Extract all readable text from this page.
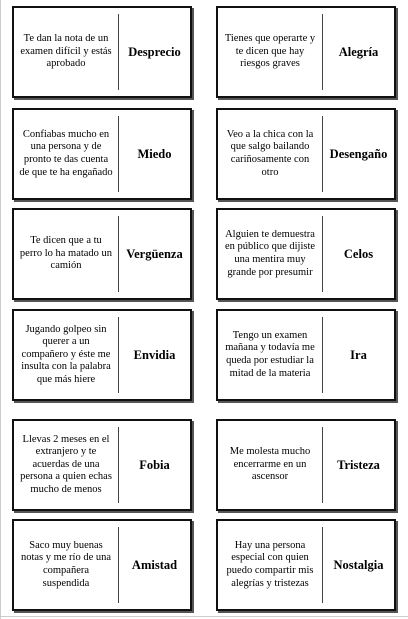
Te dan la nota de un examen difícil y estás aprobado
Desprecio
Tienes que operarte y te dicen que hay riesgos graves
Alegría
Confiabas mucho en una persona y de pronto te das cuenta de que te ha engañado
Miedo
Veo a la chica con la que salgo bailando cariñosamente con otro
Desengaño
Te dicen que a tu perro lo ha matado un camión
Vergüenza
Alguien te demuestra en público que dijiste una mentira muy grande por presumir
Celos
Jugando golpeo sin querer a un compañero y éste me insulta con la palabra que más hiere
Envidia
Tengo un examen mañana y todavía me queda por estudiar la mitad de la materia
Ira
Llevas 2 meses en el extranjero y te acuerdas de una persona a quien echas mucho de menos
Fobia
Me molesta mucho encerrarme en un ascensor
Tristeza
Saco muy buenas notas y me río de una compañera suspendida
Amistad
Hay una persona especial con quien puedo compartir mis alegrías y tristezas
Nostalgia
